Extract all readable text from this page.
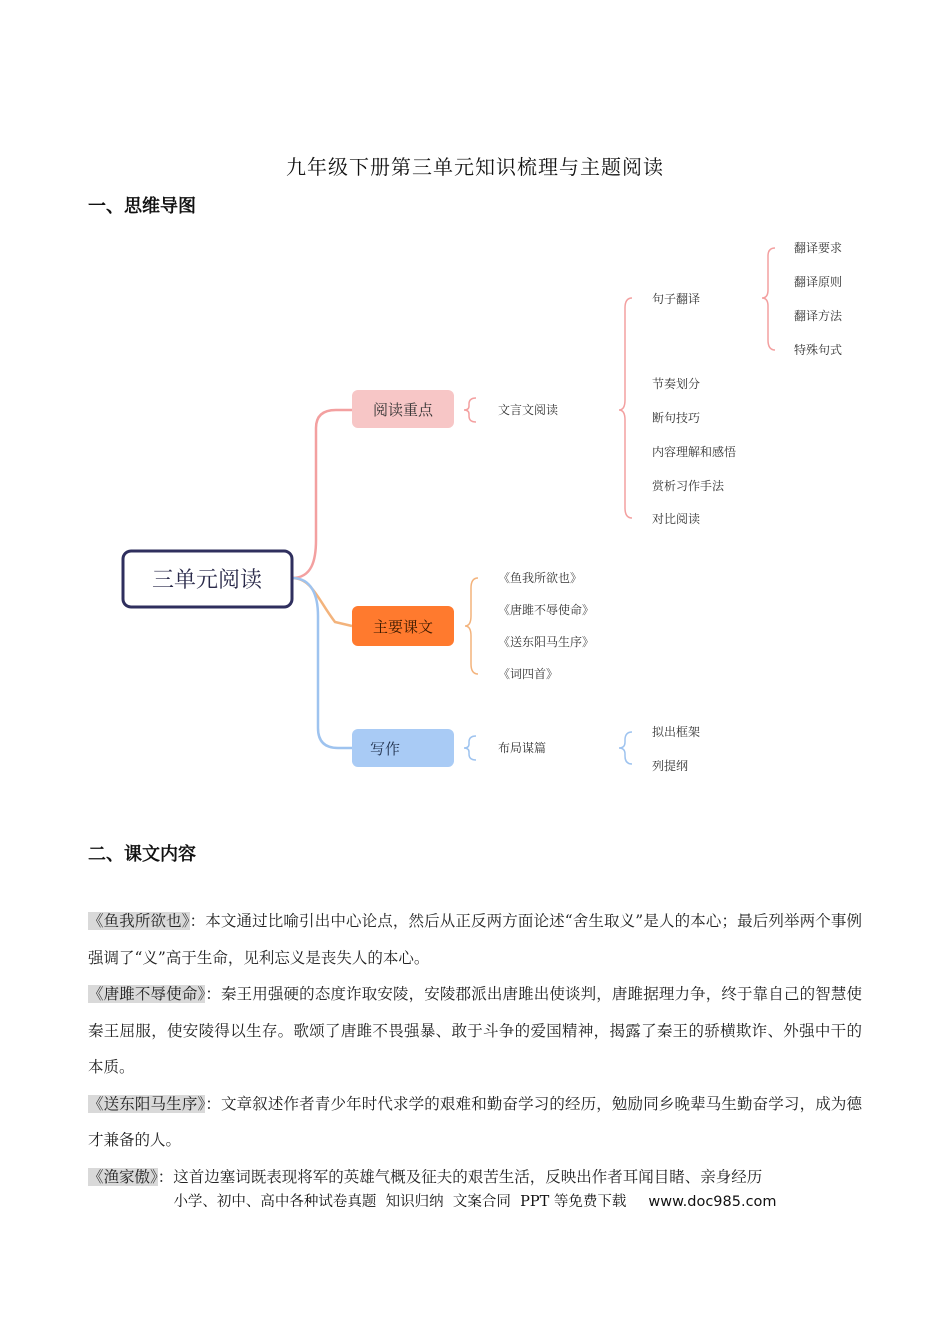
九年级下册第三单元知识梳理与主题阅读
一、思维导图
三单元阅读
阅读重点	文言文阅读
句子翻译
翻译要求
翻译原则
翻译方法
特殊句式
节奏划分
断句技巧
内容理解和感悟
赏析习作手法
对比阅读
主要课文
《鱼我所欲也》
《唐雎不辱使命》
《送东阳马生序》
《词四首》
写作	布局谋篇
拟出框架
列提纲
二、课文内容

《鱼我所欲也》：本文通过比喻引出中心论点，然后从正反两方面论述“舍生取义”是人的本心；最后列举两个事例强调了“义”高于生命，见利忘义是丧失人的本心。

《唐雎不辱使命》：秦王用强硬的态度诈取安陵，安陵郡派出唐雎出使谈判，唐雎据理力争，终于靠自己的智慧使秦王屈服，使安陵得以生存。歌颂了唐雎不畏强暴、敢于斗争的爱国精神，揭露了秦王的骄横欺诈、外强中干的本质。

《送东阳马生序》：文章叙述作者青少年时代求学的艰难和勤奋学习的经历，勉励同乡晚辈马生勤奋学习，成为德才兼备的人。

《渔家傲》：这首边塞词既表现将军的英雄气概及征夫的艰苦生活，反映出作者耳闻目睹、亲身经历

小学、初中、高中各种试卷真题  知识归纳  文案合同  PPT 等免费下载 www.doc985.com
